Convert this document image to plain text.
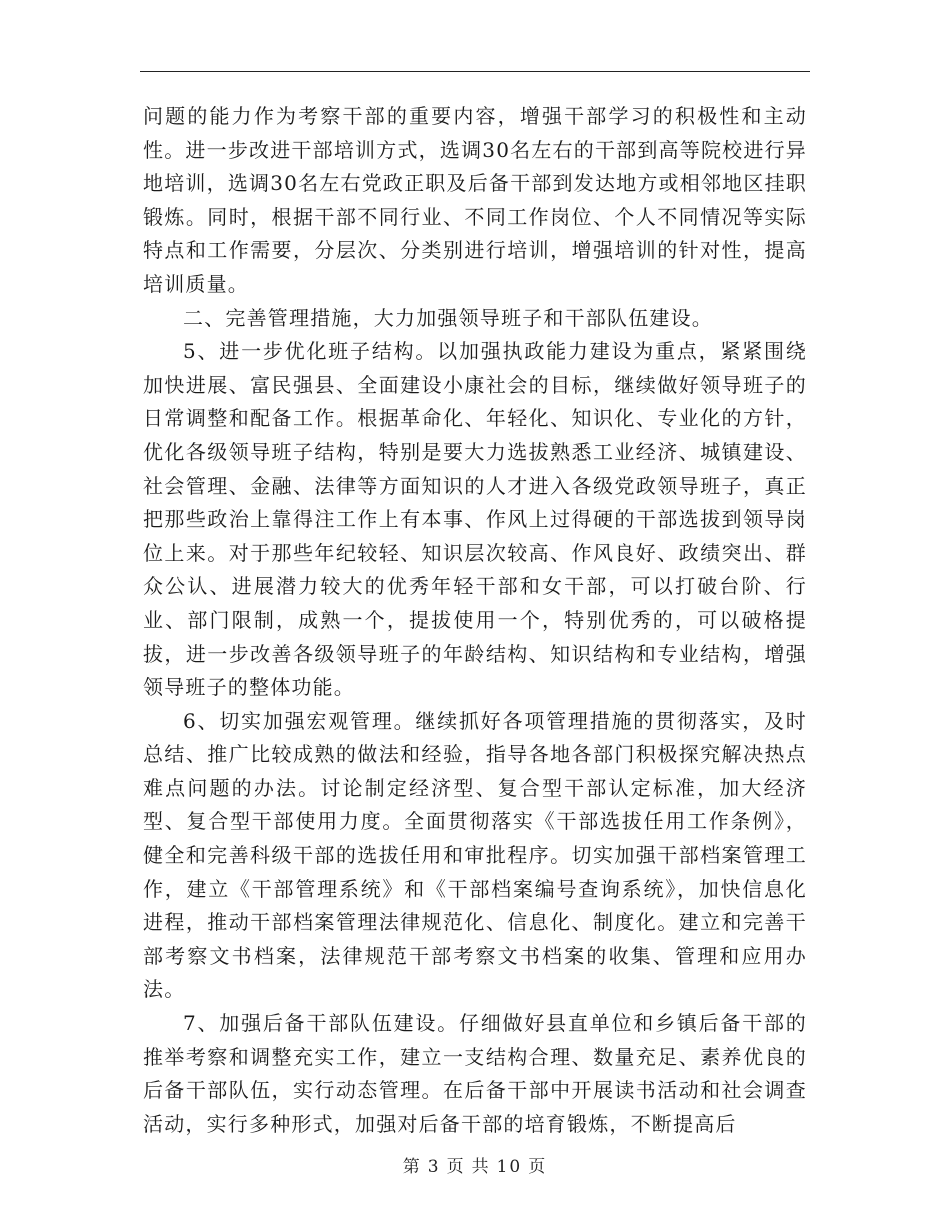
问题的能力作为考察干部的重要内容，增强干部学习的积极性和主动性。进一步改进干部培训方式，选调30名左右的干部到高等院校进行异地培训，选调30名左右党政正职及后备干部到发达地方或相邻地区挂职锻炼。同时，根据干部不同行业、不同工作岗位、个人不同情况等实际特点和工作需要，分层次、分类别进行培训，增强培训的针对性，提高培训质量。

二、完善管理措施，大力加强领导班子和干部队伍建设。

5、进一步优化班子结构。以加强执政能力建设为重点，紧紧围绕加快进展、富民强县、全面建设小康社会的目标，继续做好领导班子的日常调整和配备工作。根据革命化、年轻化、知识化、专业化的方针，优化各级领导班子结构，特别是要大力选拔熟悉工业经济、城镇建设、社会管理、金融、法律等方面知识的人才进入各级党政领导班子，真正把那些政治上靠得注工作上有本事、作风上过得硬的干部选拔到领导岗位上来。对于那些年纪较轻、知识层次较高、作风良好、政绩突出、群众公认、进展潜力较大的优秀年轻干部和女干部，可以打破台阶、行业、部门限制，成熟一个，提拔使用一个，特别优秀的，可以破格提拔，进一步改善各级领导班子的年龄结构、知识结构和专业结构，增强领导班子的整体功能。

6、切实加强宏观管理。继续抓好各项管理措施的贯彻落实，及时总结、推广比较成熟的做法和经验，指导各地各部门积极探究解决热点难点问题的办法。讨论制定经济型、复合型干部认定标准，加大经济型、复合型干部使用力度。全面贯彻落实《干部选拔任用工作条例》，健全和完善科级干部的选拔任用和审批程序。切实加强干部档案管理工作，建立《干部管理系统》和《干部档案编号查询系统》，加快信息化进程，推动干部档案管理法律规范化、信息化、制度化。建立和完善干部考察文书档案，法律规范干部考察文书档案的收集、管理和应用办法。

7、加强后备干部队伍建设。仔细做好县直单位和乡镇后备干部的推举考察和调整充实工作，建立一支结构合理、数量充足、素养优良的后备干部队伍，实行动态管理。在后备干部中开展读书活动和社会调查活动，实行多种形式，加强对后备干部的培育锻炼，不断提高后

第 3 页 共 10 页
